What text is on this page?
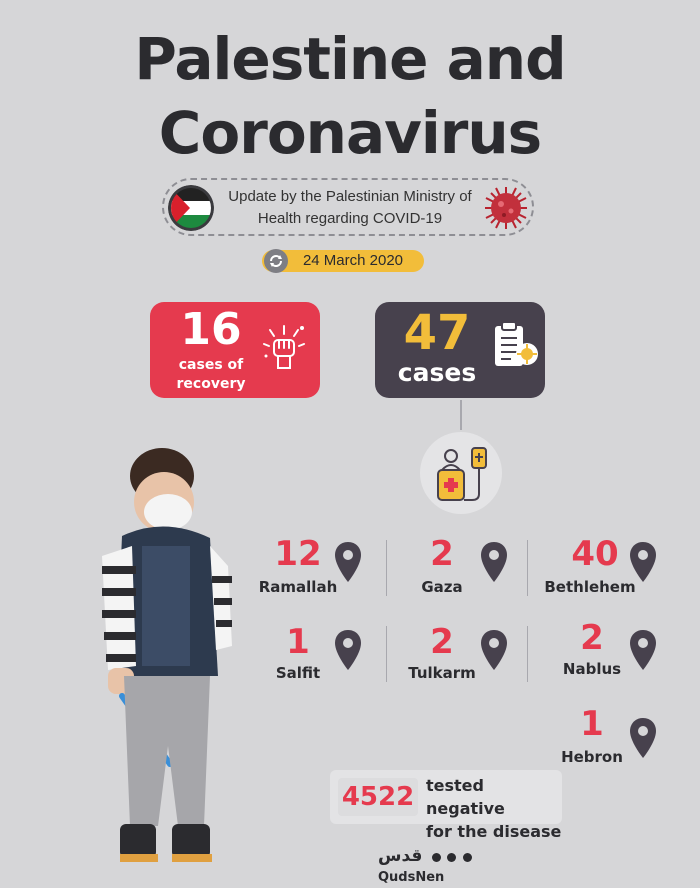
Palestine and
Coronavirus
Update by the Palestinian Ministry of
Health regarding COVID-19
24 March 2020
16
cases of
recovery
47
cases
12
Ramallah
2
Gaza
40
Bethlehem
1
Salfit
2
Tulkarm
2
Nablus
1
Hebron
4522 tested negative
for the disease
قدس    QudsNen
